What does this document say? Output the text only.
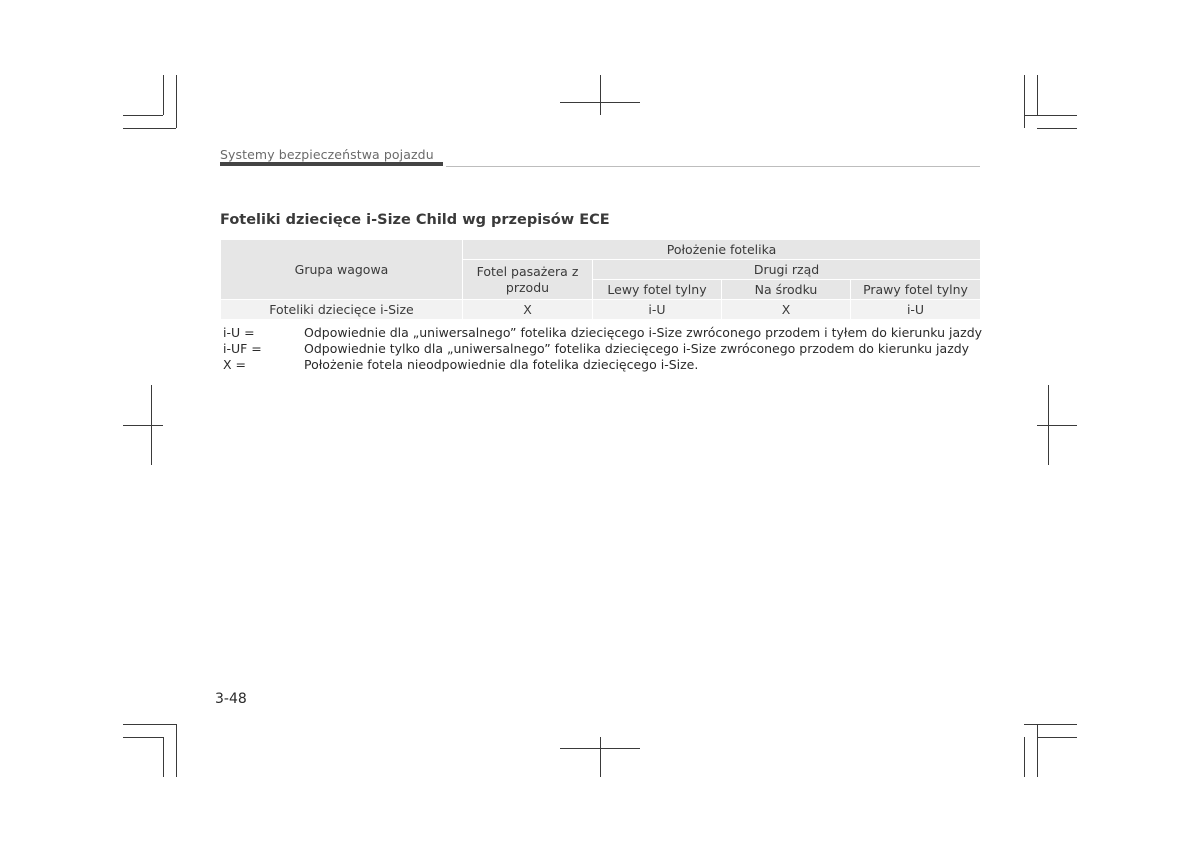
Systemy bezpieczeństwa pojazdu
Foteliki dziecięce i-Size Child wg przepisów ECE
Grupa wagowa	Położenie fotelika			
	Fotel pasażera z przodu	Drugi rząd		
		Lewy fotel tylny	Na środku	Prawy fotel tylny
Foteliki dziecięce i-Size	X	i-U	X	i-U
i-U =	Odpowiednie dla „uniwersalnego” fotelika dziecięcego i-Size zwróconego przodem i tyłem do kierunku jazdy
i-UF =	Odpowiednie tylko dla „uniwersalnego” fotelika dziecięcego i-Size zwróconego przodem do kierunku jazdy
X =	Położenie fotela nieodpowiednie dla fotelika dziecięcego i-Size.
3-48
